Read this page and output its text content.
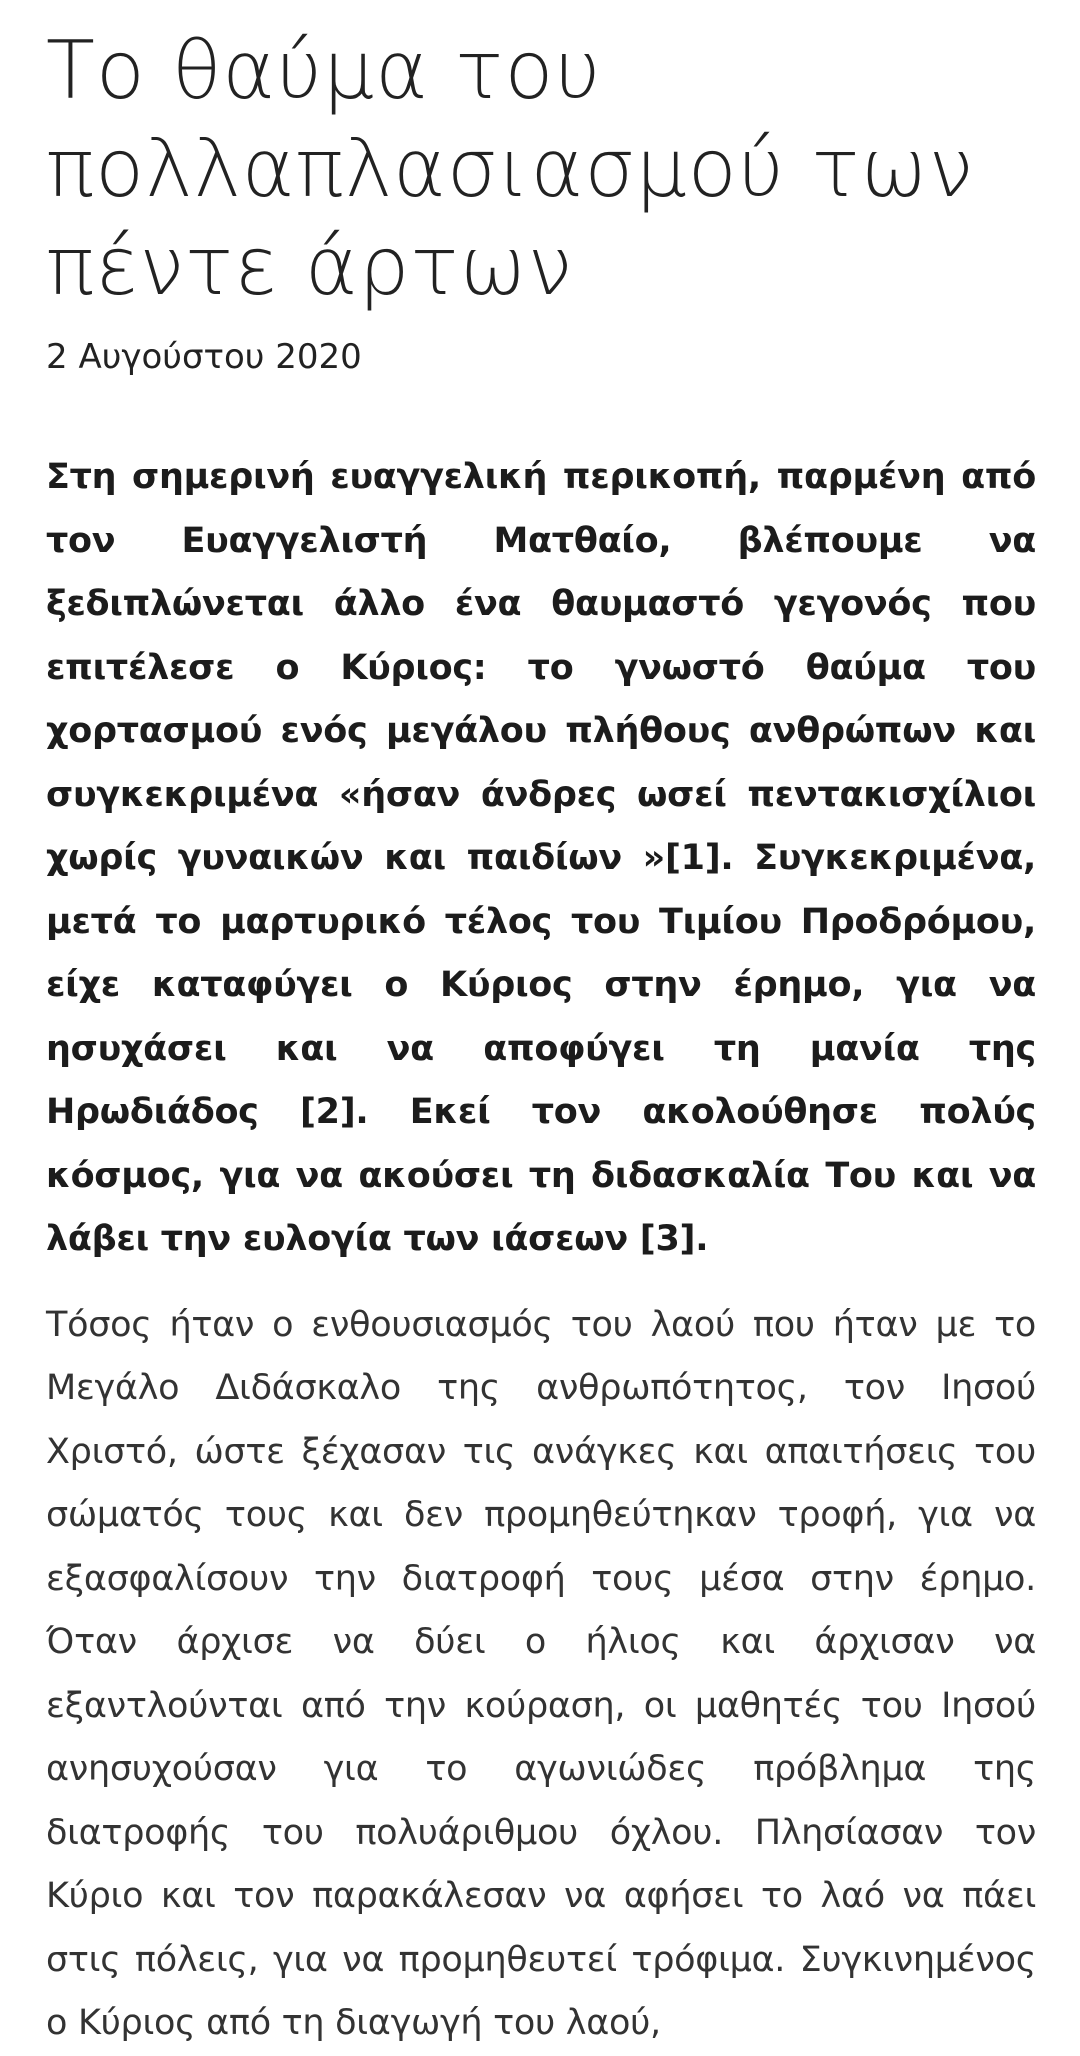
Το θαύμα του πολλαπλασιασμού των πέντε άρτων
2 Αυγούστου 2020

Στη σημερινή ευαγγελική περικοπή, παρμένη από τον Ευαγγελιστή Ματθαίο, βλέπουμε να ξεδιπλώνεται άλλο ένα θαυμαστό γεγονός που επιτέλεσε ο Κύριος: το γνωστό θαύμα του χορτασμού ενός μεγάλου πλήθους ανθρώπων και συγκεκριμένα «ήσαν άνδρες ωσεί πεντακισχίλιοι χωρίς γυναικών και παιδίων »[1]. Συγκεκριμένα, μετά το μαρτυρικό τέλος του Τιμίου Προδρόμου, είχε καταφύγει ο Κύριος στην έρημο, για να ησυχάσει και να αποφύγει τη μανία της Ηρωδιάδος [2]. Εκεί τον ακολούθησε πολύς κόσμος, για να ακούσει τη διδασκαλία Του και να λάβει την ευλογία των ιάσεων [3].

Τόσος ήταν ο ενθουσιασμός του λαού που ήταν με το Μεγάλο Διδάσκαλο της ανθρωπότητος, τον Ιησού Χριστό, ώστε ξέχασαν τις ανάγκες και απαιτήσεις του σώματός τους και δεν προμηθεύτηκαν τροφή, για να εξασφαλίσουν την διατροφή τους μέσα στην έρημο. Όταν άρχισε να δύει ο ήλιος και άρχισαν να εξαντλούνται από την κούραση, οι μαθητές του Ιησού ανησυχούσαν για το αγωνιώδες πρόβλημα της διατροφής του πολυάριθμου όχλου. Πλησίασαν τον Κύριο και τον παρακάλεσαν να αφήσει το λαό να πάει στις πόλεις, για να προμηθευτεί τρόφιμα. Συγκινημένος ο Κύριος από τη διαγωγή του λαού,
